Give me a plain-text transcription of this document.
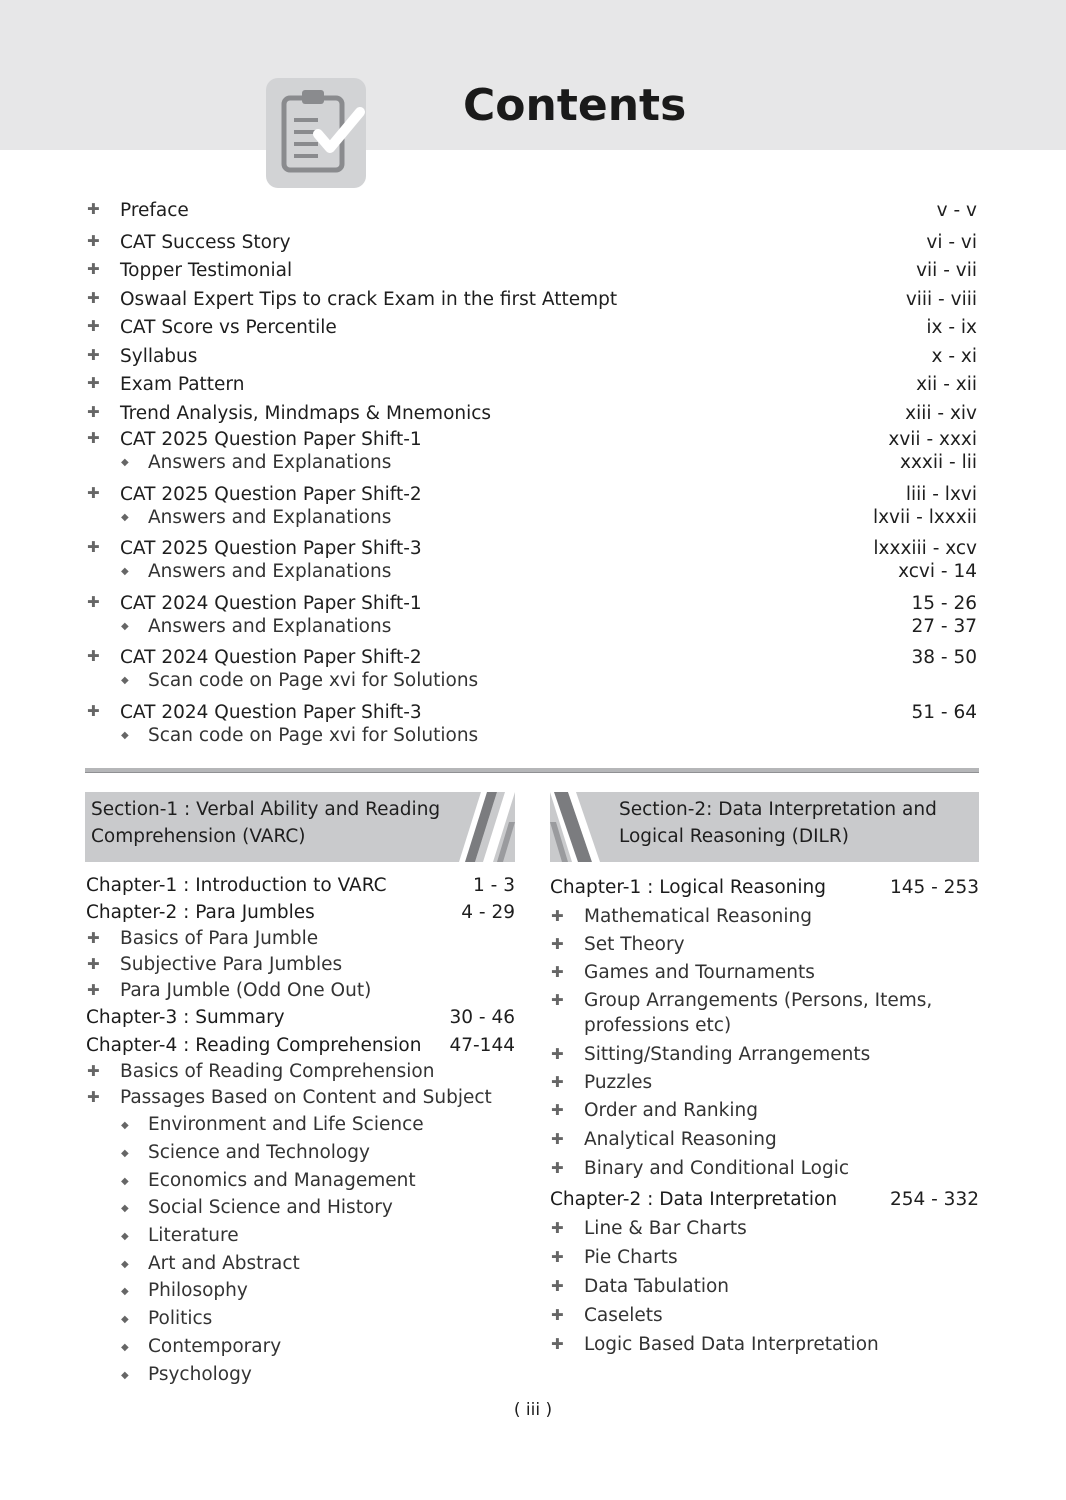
Contents
✚ Preface	v - v
✚ CAT Success Story	vi - vi
✚ Topper Testimonial	vii - vii
✚ Oswaal Expert Tips to crack Exam in the first Attempt	viii - viii
✚ CAT Score vs Percentile	ix - ix
✚ Syllabus	x - xi
✚ Exam Pattern	xii - xii
✚ Trend Analysis, Mindmaps & Mnemonics	xiii - xiv
✚ CAT 2025 Question Paper Shift-1	xvii - xxxi
◆ Answers and Explanations	xxxii - lii
✚ CAT 2025 Question Paper Shift-2	liii - lxvi
◆ Answers and Explanations	lxvii - lxxxii
✚ CAT 2025 Question Paper Shift-3	lxxxiii - xcv
◆ Answers and Explanations	xcvi - 14
✚ CAT 2024 Question Paper Shift-1	15 - 26
◆ Answers and Explanations	27 - 37
✚ CAT 2024 Question Paper Shift-2	38 - 50
◆ Scan code on Page xvi for Solutions
✚ CAT 2024 Question Paper Shift-3	51 - 64
◆ Scan code on Page xvi for Solutions
Section-1 : Verbal Ability and Reading
Comprehension (VARC)
Section-2: Data Interpretation and
Logical Reasoning (DILR)
Chapter-1 : Introduction to VARC	1 - 3
Chapter-2 : Para Jumbles	4 - 29
✚ Basics of Para Jumble
✚ Subjective Para Jumbles
✚ Para Jumble (Odd One Out)
Chapter-3 : Summary	30 - 46
Chapter-4 : Reading Comprehension	47-144
✚ Basics of Reading Comprehension
✚ Passages Based on Content and Subject
◆ Environment and Life Science
◆ Science and Technology
◆ Economics and Management
◆ Social Science and History
◆ Literature
◆ Art and Abstract
◆ Philosophy
◆ Politics
◆ Contemporary
◆ Psychology
Chapter-1 : Logical Reasoning	145 - 253
✚ Mathematical Reasoning
✚ Set Theory
✚ Games and Tournaments
✚ Group Arrangements (Persons, Items,
professions etc)
✚ Sitting/Standing Arrangements
✚ Puzzles
✚ Order and Ranking
✚ Analytical Reasoning
✚ Binary and Conditional Logic
Chapter-2 : Data Interpretation	254 - 332
✚ Line & Bar Charts
✚ Pie Charts
✚ Data Tabulation
✚ Caselets
✚ Logic Based Data Interpretation
( iii )
